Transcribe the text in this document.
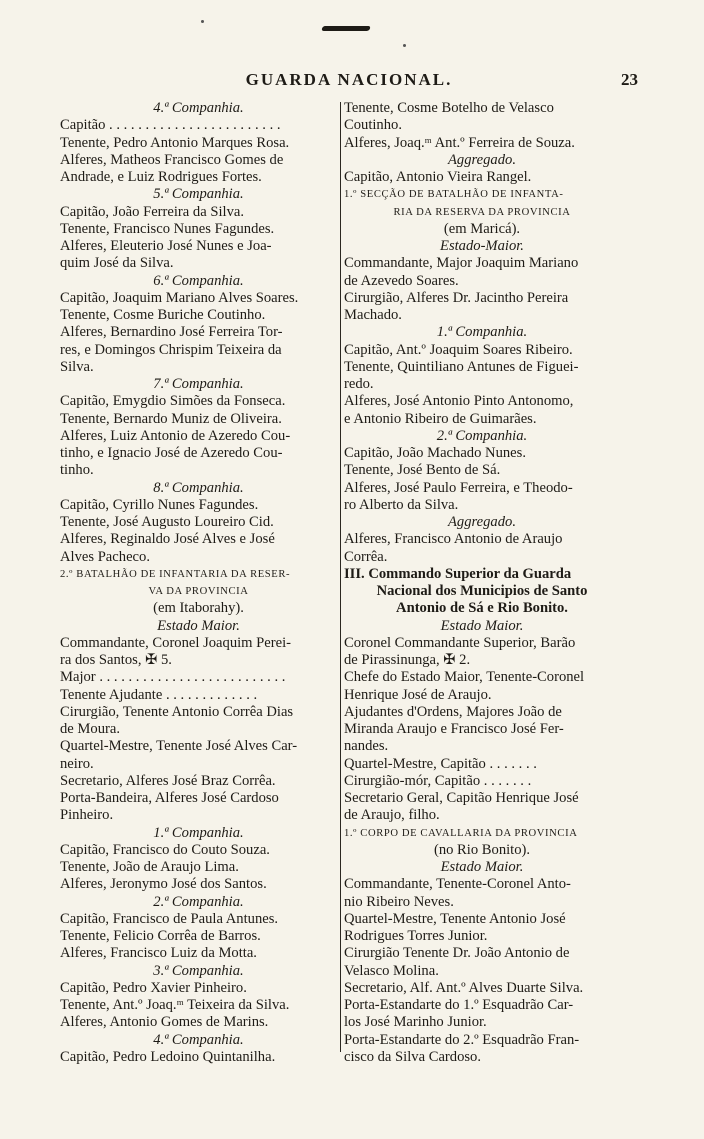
GUARDA NACIONAL.	23
4.ª Companhia.
Capitão . . . . . . . . . . . . . . . . . . . . . . . .
Tenente, Pedro Antonio Marques Rosa.
Alferes, Matheos Francisco Gomes de
Andrade, e Luiz Rodrigues Fortes.
5.ª Companhia.
Capitão, João Ferreira da Silva.
Tenente, Francisco Nunes Fagundes.
Alferes, Eleuterio José Nunes e Joa-
quim José da Silva.
6.ª Companhia.
Capitão, Joaquim Mariano Alves Soares.
Tenente, Cosme Buriche Coutinho.
Alferes, Bernardino José Ferreira Tor-
res, e Domingos Chrispim Teixeira da
Silva.
7.ª Companhia.
Capitão, Emygdio Simões da Fonseca.
Tenente, Bernardo Muniz de Oliveira.
Alferes, Luiz Antonio de Azeredo Cou-
tinho, e Ignacio José de Azeredo Cou-
tinho.
8.ª Companhia.
Capitão, Cyrillo Nunes Fagundes.
Tenente, José Augusto Loureiro Cid.
Alferes, Reginaldo José Alves e José
Alves Pacheco.
2.º BATALHÃO DE INFANTARIA DA RESER-
VA DA PROVINCIA
(em Itaborahy).
Estado Maior.
Commandante, Coronel Joaquim Perei-
ra dos Santos, ✠ 5.
Major . . . . . . . . . . . . . . . . . . . . . . . . . .
Tenente Ajudante . . . . . . . . . . . . .
Cirurgião, Tenente Antonio Corrêa Dias
de Moura.
Quartel-Mestre, Tenente José Alves Car-
neiro.
Secretario, Alferes José Braz Corrêa.
Porta-Bandeira, Alferes José Cardoso
Pinheiro.
1.ª Companhia.
Capitão, Francisco do Couto Souza.
Tenente, João de Araujo Lima.
Alferes, Jeronymo José dos Santos.
2.ª Companhia.
Capitão, Francisco de Paula Antunes.
Tenente, Felicio Corrêa de Barros.
Alferes, Francisco Luiz da Motta.
3.ª Companhia.
Capitão, Pedro Xavier Pinheiro.
Tenente, Ant.º Joaq.ᵐ Teixeira da Silva.
Alferes, Antonio Gomes de Marins.
4.ª Companhia.
Capitão, Pedro Ledoino Quintanilha.
Tenente, Cosme Botelho de Velasco
Coutinho.
Alferes, Joaq.ᵐ Ant.º Ferreira de Souza.
Aggregado.
Capitão, Antonio Vieira Rangel.
1.º SECÇÃO DE BATALHÃO DE INFANTA-
RIA DA RESERVA DA PROVINCIA
(em Maricá).
Estado-Maior.
Commandante, Major Joaquim Mariano
de Azevedo Soares.
Cirurgião, Alferes Dr. Jacintho Pereira
Machado.
1.ª Companhia.
Capitão, Ant.º Joaquim Soares Ribeiro.
Tenente, Quintiliano Antunes de Figuei-
redo.
Alferes, José Antonio Pinto Antonomo,
e Antonio Ribeiro de Guimarães.
2.ª Companhia.
Capitão, João Machado Nunes.
Tenente, José Bento de Sá.
Alferes, José Paulo Ferreira, e Theodo-
ro Alberto da Silva.
Aggregado.
Alferes, Francisco Antonio de Araujo
Corrêa.
III. Commando Superior da Guarda
Nacional dos Municipios de Santo
Antonio de Sá e Rio Bonito.
Estado Maior.
Coronel Commandante Superior, Barão
de Pirassinunga, ✠ 2.
Chefe do Estado Maior, Tenente-Coronel
Henrique José de Araujo.
Ajudantes d'Ordens, Majores João de
Miranda Araujo e Francisco José Fer-
nandes.
Quartel-Mestre, Capitão . . . . . . .
Cirurgião-mór, Capitão . . . . . . .
Secretario Geral, Capitão Henrique José
de Araujo, filho.
1.º CORPO DE CAVALLARIA DA PROVINCIA
(no Rio Bonito).
Estado Maior.
Commandante, Tenente-Coronel Anto-
nio Ribeiro Neves.
Quartel-Mestre, Tenente Antonio José
Rodrigues Torres Junior.
Cirurgião Tenente Dr. João Antonio de
Velasco Molina.
Secretario, Alf. Ant.º Alves Duarte Silva.
Porta-Estandarte do 1.º Esquadrão Car-
los José Marinho Junior.
Porta-Estandarte do 2.º Esquadrão Fran-
cisco da Silva Cardoso.
